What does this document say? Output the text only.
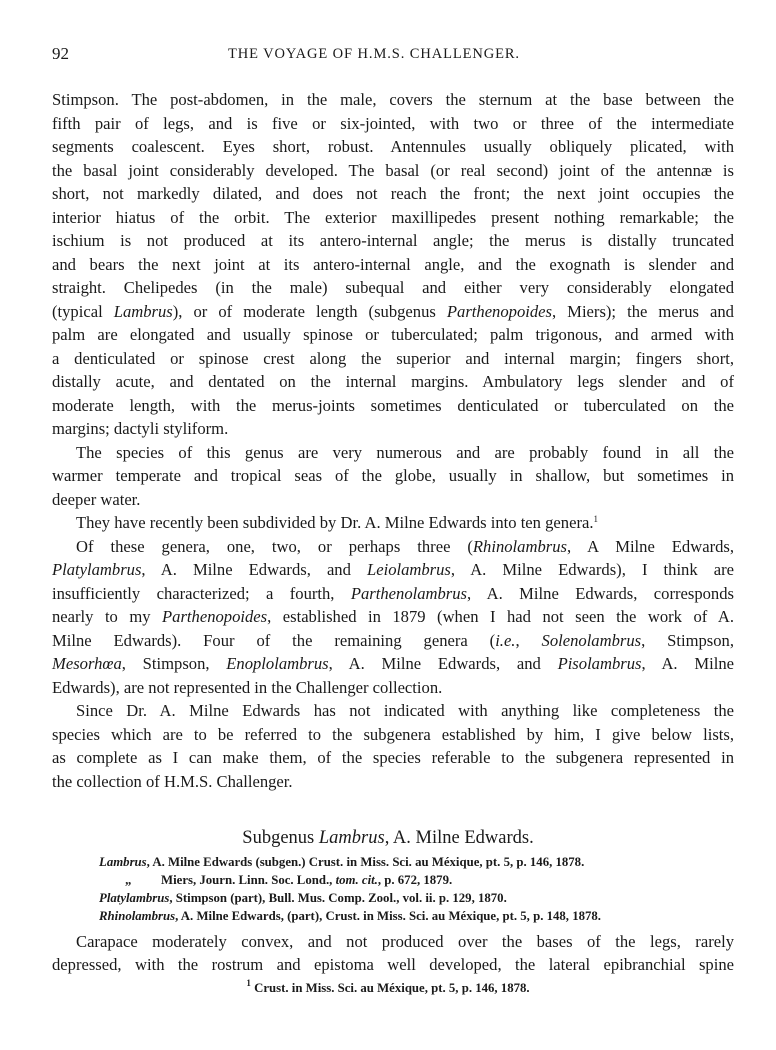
92	THE VOYAGE OF H.M.S. CHALLENGER.
Stimpson. The post-abdomen, in the male, covers the sternum at the base between the
fifth pair of legs, and is five or six-jointed, with two or three of the intermediate
segments coalescent. Eyes short, robust. Antennules usually obliquely plicated, with
the basal joint considerably developed. The basal (or real second) joint of the antennæ is
short, not markedly dilated, and does not reach the front; the next joint occupies the
interior hiatus of the orbit. The exterior maxillipedes present nothing remarkable; the
ischium is not produced at its antero-internal angle; the merus is distally truncated
and bears the next joint at its antero-internal angle, and the exognath is slender and
straight. Chelipedes (in the male) subequal and either very considerably elongated
(typical Lambrus), or of moderate length (subgenus Parthenopoides, Miers); the merus and
palm are elongated and usually spinose or tuberculated; palm trigonous, and armed with
a denticulated or spinose crest along the superior and internal margin; fingers short,
distally acute, and dentated on the internal margins. Ambulatory legs slender and of
moderate length, with the merus-joints sometimes denticulated or tuberculated on the
margins; dactyli styliform.
The species of this genus are very numerous and are probably found in all the
warmer temperate and tropical seas of the globe, usually in shallow, but sometimes in
deeper water.
They have recently been subdivided by Dr. A. Milne Edwards into ten genera.$^1$
Of these genera, one, two, or perhaps three (Rhinolambrus, A Milne Edwards,
Platylambrus, A. Milne Edwards, and Leiolambrus, A. Milne Edwards), I think are
insufficiently characterized; a fourth, Parthenolambrus, A. Milne Edwards, corresponds
nearly to my Parthenopoides, established in 1879 (when I had not seen the work of A.
Milne Edwards). Four of the remaining genera (i.e., Solenolambrus, Stimpson,
Mesorhœa, Stimpson, Enoplolambrus, A. Milne Edwards, and Pisolambrus, A. Milne
Edwards), are not represented in the Challenger collection.
Since Dr. A. Milne Edwards has not indicated with anything like completeness the
species which are to be referred to the subgenera established by him, I give below lists,
as complete as I can make them, of the species referable to the subgenera represented in
the collection of H.M.S. Challenger.
Subgenus Lambrus, A. Milne Edwards.
Lambrus, A. Milne Edwards (subgen.) Crust. in Miss. Sci. au Méxique, pt. 5, p. 146, 1878.
„ Miers, Journ. Linn. Soc. Lond., tom. cit., p. 672, 1879.
Platylambrus, Stimpson (part), Bull. Mus. Comp. Zool., vol. ii. p. 129, 1870.
Rhinolambrus, A. Milne Edwards, (part), Crust. in Miss. Sci. au Méxique, pt. 5, p. 148, 1878.
Carapace moderately convex, and not produced over the bases of the legs, rarely
depressed, with the rostrum and epistoma well developed, the lateral epibranchial spine
$^1$ Crust. in Miss. Sci. au Méxique, pt. 5, p. 146, 1878.
